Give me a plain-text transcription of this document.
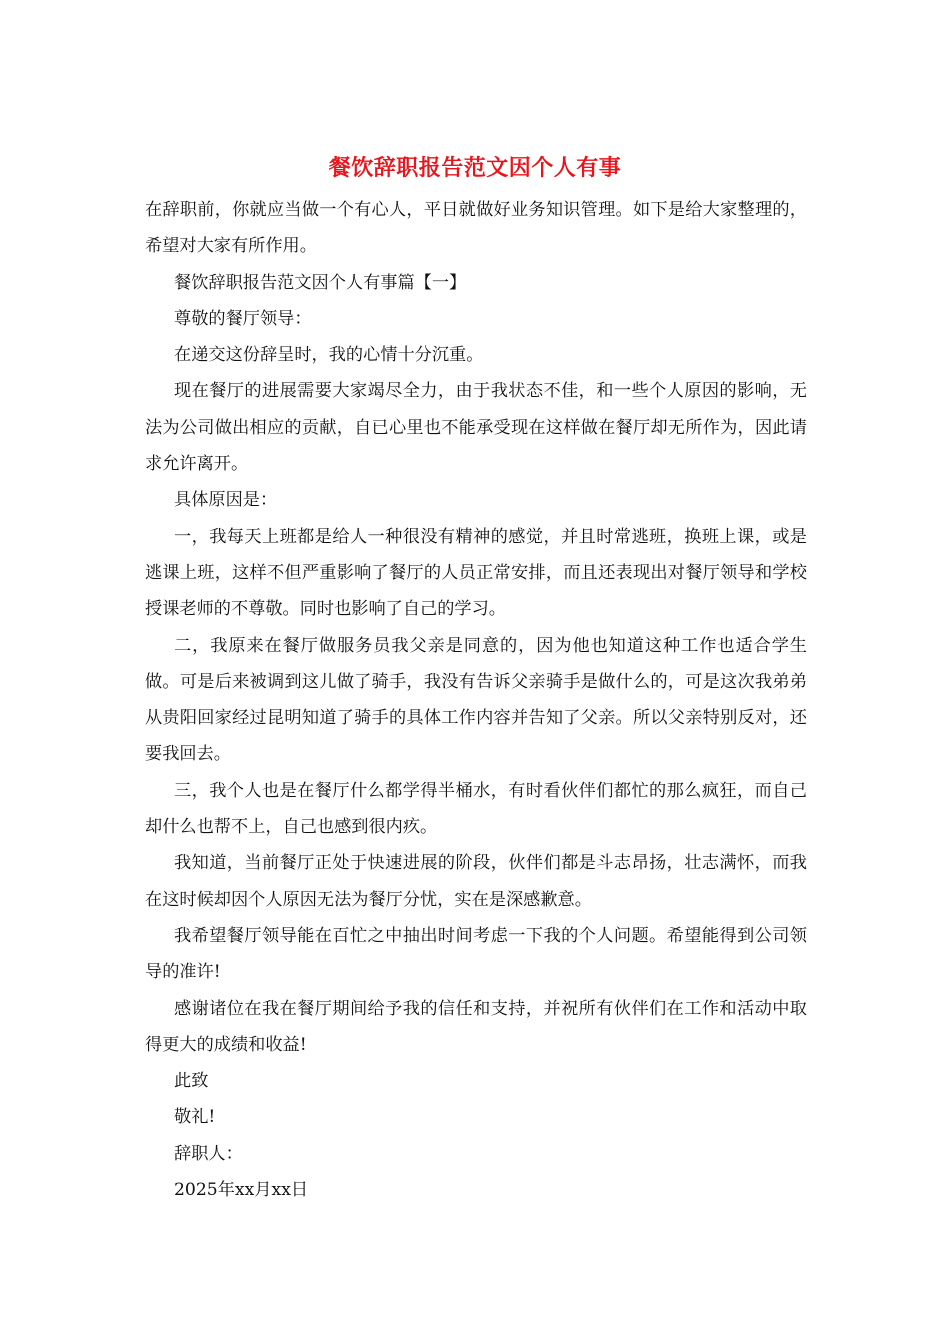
餐饮辞职报告范文因个人有事

在辞职前，你就应当做一个有心人，平日就做好业务知识管理。如下是给大家整理的，希望对大家有所作用。

餐饮辞职报告范文因个人有事篇【一】

尊敬的餐厅领导：

在递交这份辞呈时，我的心情十分沉重。

现在餐厅的进展需要大家竭尽全力，由于我状态不佳，和一些个人原因的影响，无法为公司做出相应的贡献，自已心里也不能承受现在这样做在餐厅却无所作为，因此请求允许离开。

具体原因是：

一，我每天上班都是给人一种很没有精神的感觉，并且时常逃班，换班上课，或是逃课上班，这样不但严重影响了餐厅的人员正常安排，而且还表现出对餐厅领导和学校授课老师的不尊敬。同时也影响了自己的学习。

二，我原来在餐厅做服务员我父亲是同意的，因为他也知道这种工作也适合学生做。可是后来被调到这儿做了骑手，我没有告诉父亲骑手是做什么的，可是这次我弟弟从贵阳回家经过昆明知道了骑手的具体工作内容并告知了父亲。所以父亲特别反对，还要我回去。

三，我个人也是在餐厅什么都学得半桶水，有时看伙伴们都忙的那么疯狂，而自己却什么也帮不上，自己也感到很内疚。

我知道，当前餐厅正处于快速进展的阶段，伙伴们都是斗志昂扬，壮志满怀，而我在这时候却因个人原因无法为餐厅分忧，实在是深感歉意。

我希望餐厅领导能在百忙之中抽出时间考虑一下我的个人问题。希望能得到公司领导的准许!

感谢诸位在我在餐厅期间给予我的信任和支持，并祝所有伙伴们在工作和活动中取得更大的成绩和收益!

此致

敬礼!

辞职人：

2025年xx月xx日
